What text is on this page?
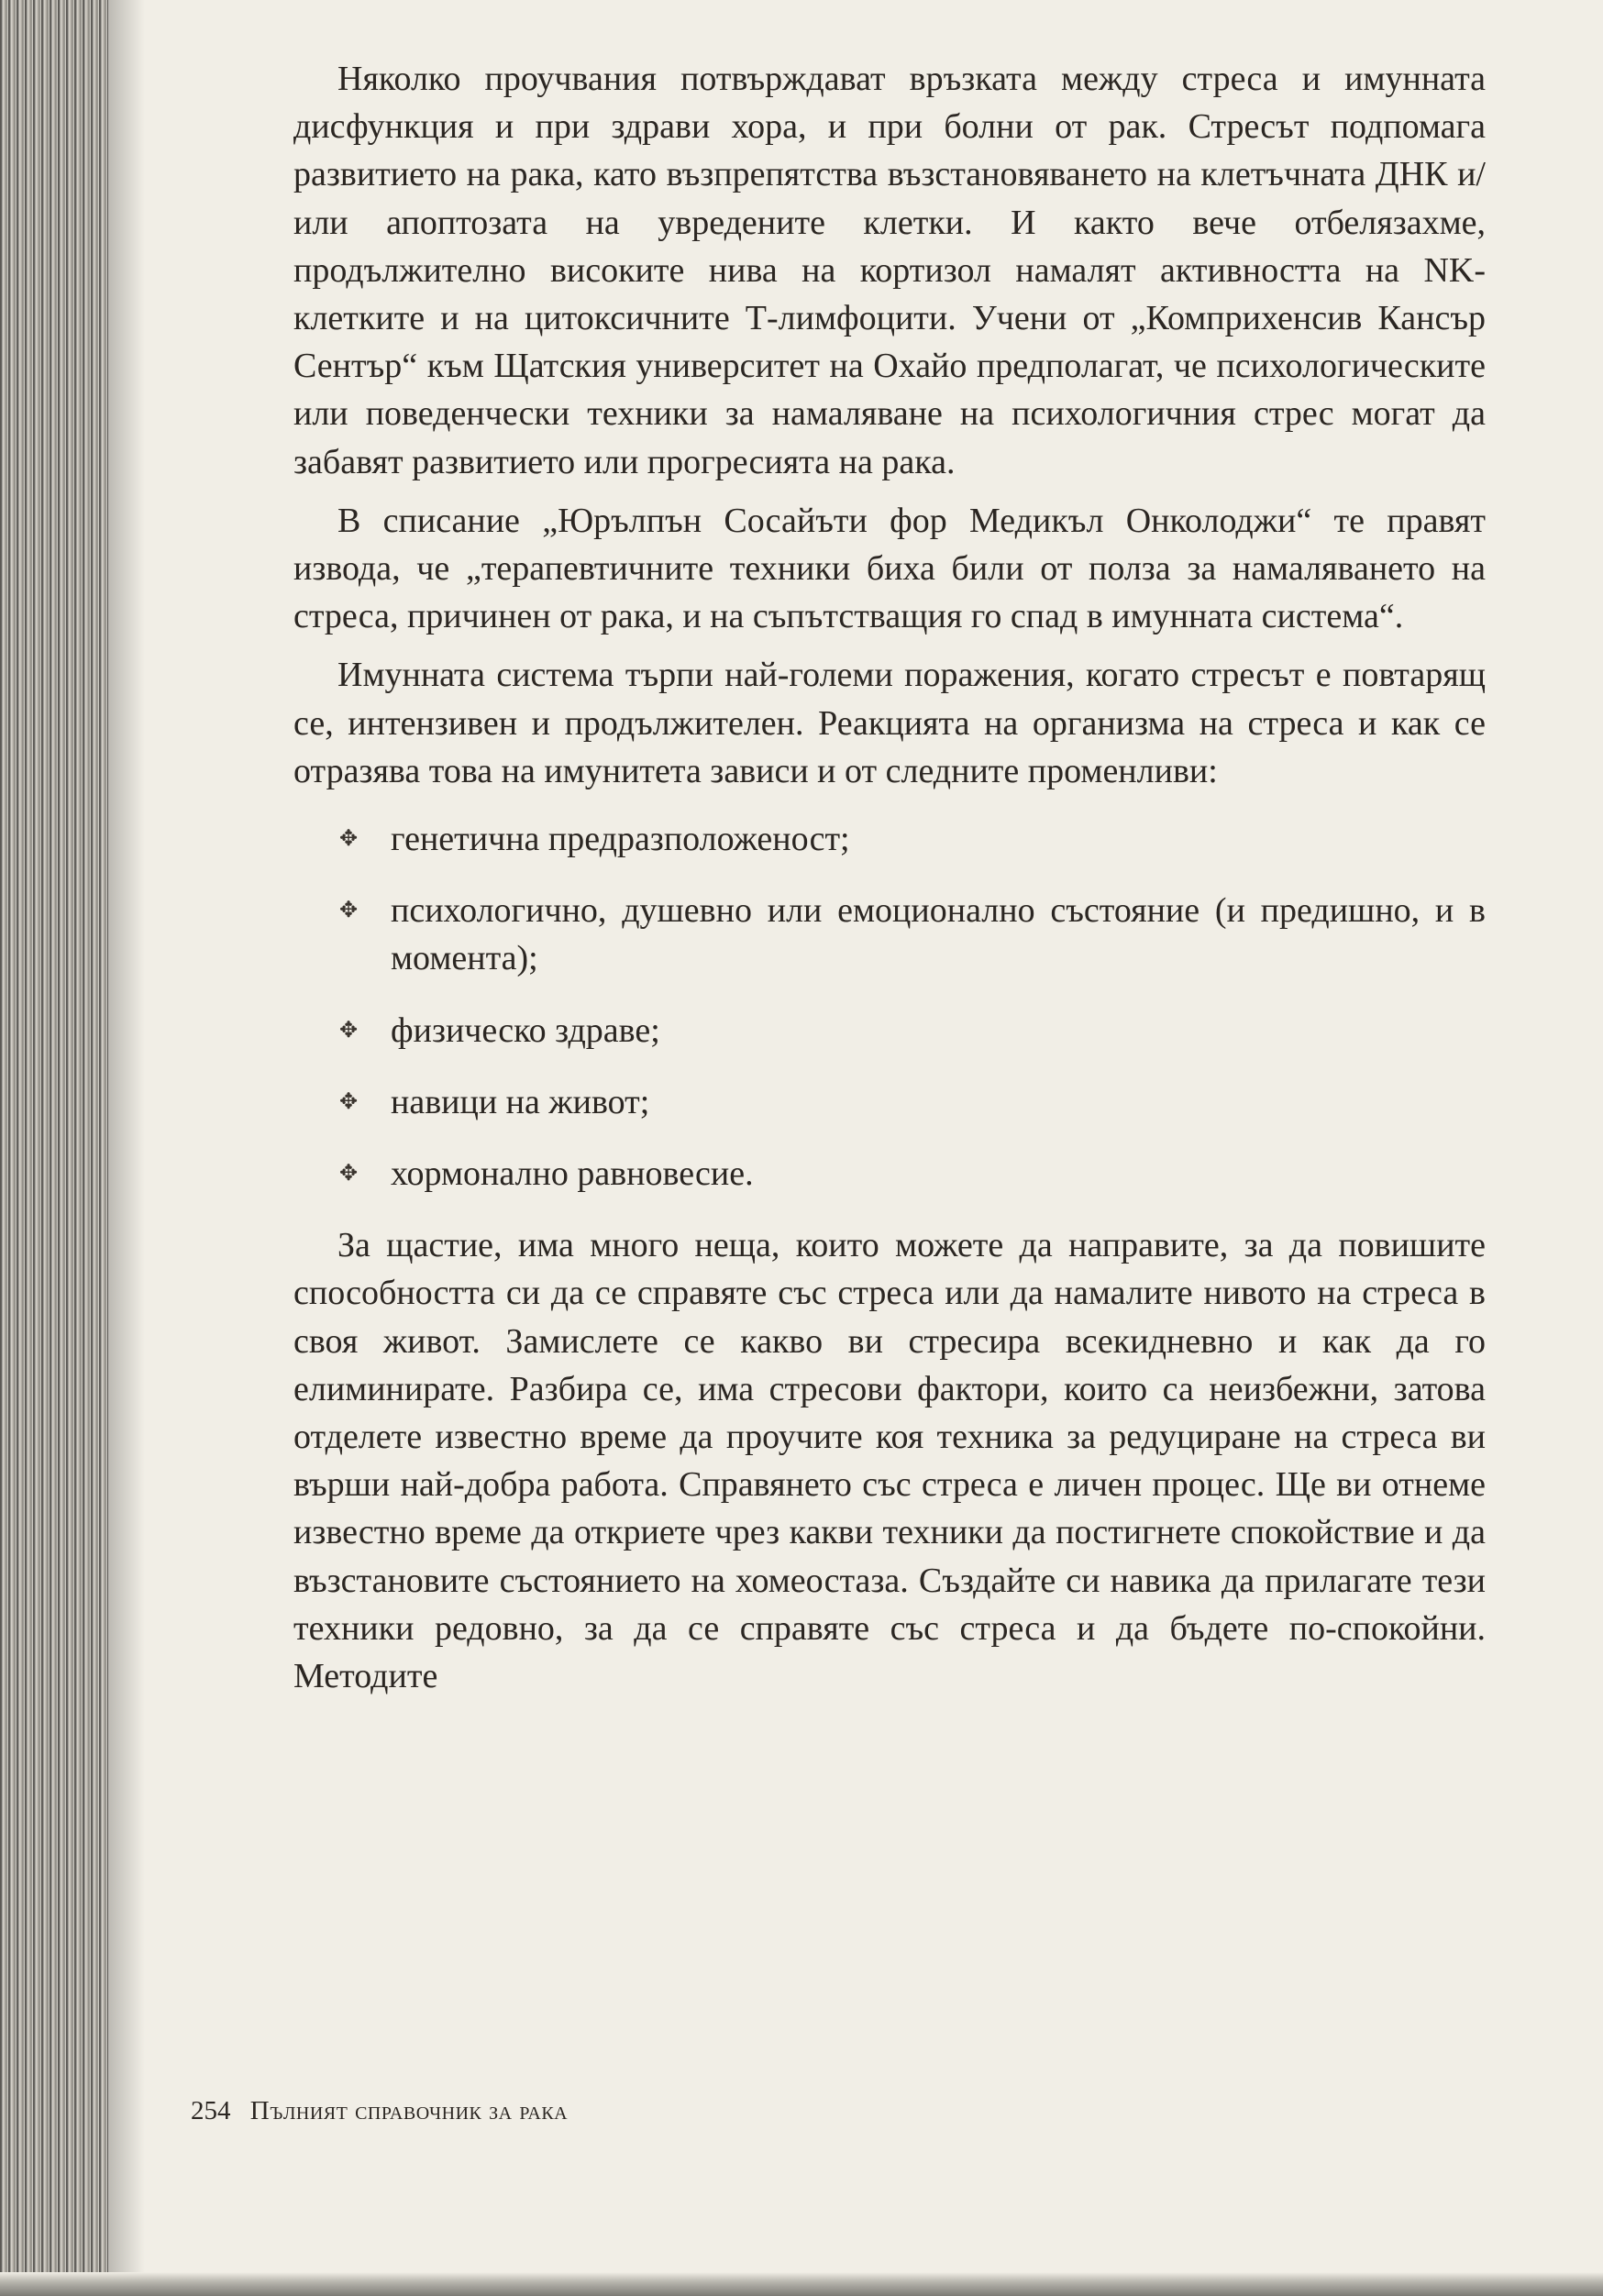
Няколко проучвания потвърждават връзката между стреса и имунната дисфункция и при здрави хора, и при болни от рак. Стресът подпомага развитието на рака, като възпрепятства възстановяването на клетъчната ДНК и/или апоптозата на увредените клетки. И както вече отбелязахме, продължително високите нива на кортизол намалят активността на NK-клетките и на цитоксичните Т-лимфоцити. Учени от „Комприхенсив Кансър Сентър“ към Щатския университет на Охайо предполагат, че психологическите или поведенчески техники за намаляване на психологичния стрес могат да забавят развитието или прогресията на рака.

В списание „Юрълпън Сосайъти фор Медикъл Онколоджи“ те правят извода, че „терапевтичните техники биха били от полза за намаляването на стреса, причинен от рака, и на съпътстващия го спад в имунната система“.

Имунната система търпи най-големи поражения, когато стресът е повтарящ се, интензивен и продължителен. Реакцията на организма на стреса и как се отразява това на имунитета зависи и от следните променливи:

✥ генетична предразположеност;
✥ психологично, душевно или емоционално състояние (и предишно, и в момента);
✥ физическо здраве;
✥ навици на живот;
✥ хормонално равновесие.

За щастие, има много неща, които можете да направите, за да повишите способността си да се справяте със стреса или да намалите нивото на стреса в своя живот. Замислете се какво ви стресира всекидневно и как да го елиминирате. Разбира се, има стресови фактори, които са неизбежни, затова отделете известно време да проучите коя техника за редуциране на стреса ви върши най-добра работа. Справянето със стреса е личен процес. Ще ви отнеме известно време да откриете чрез какви техники да постигнете спокойствие и да възстановите състоянието на хомеостаза. Създайте си навика да прилагате тези техники редовно, за да се справяте със стреса и да бъдете по-спокойни. Методите

254 Пълният справочник за рака
